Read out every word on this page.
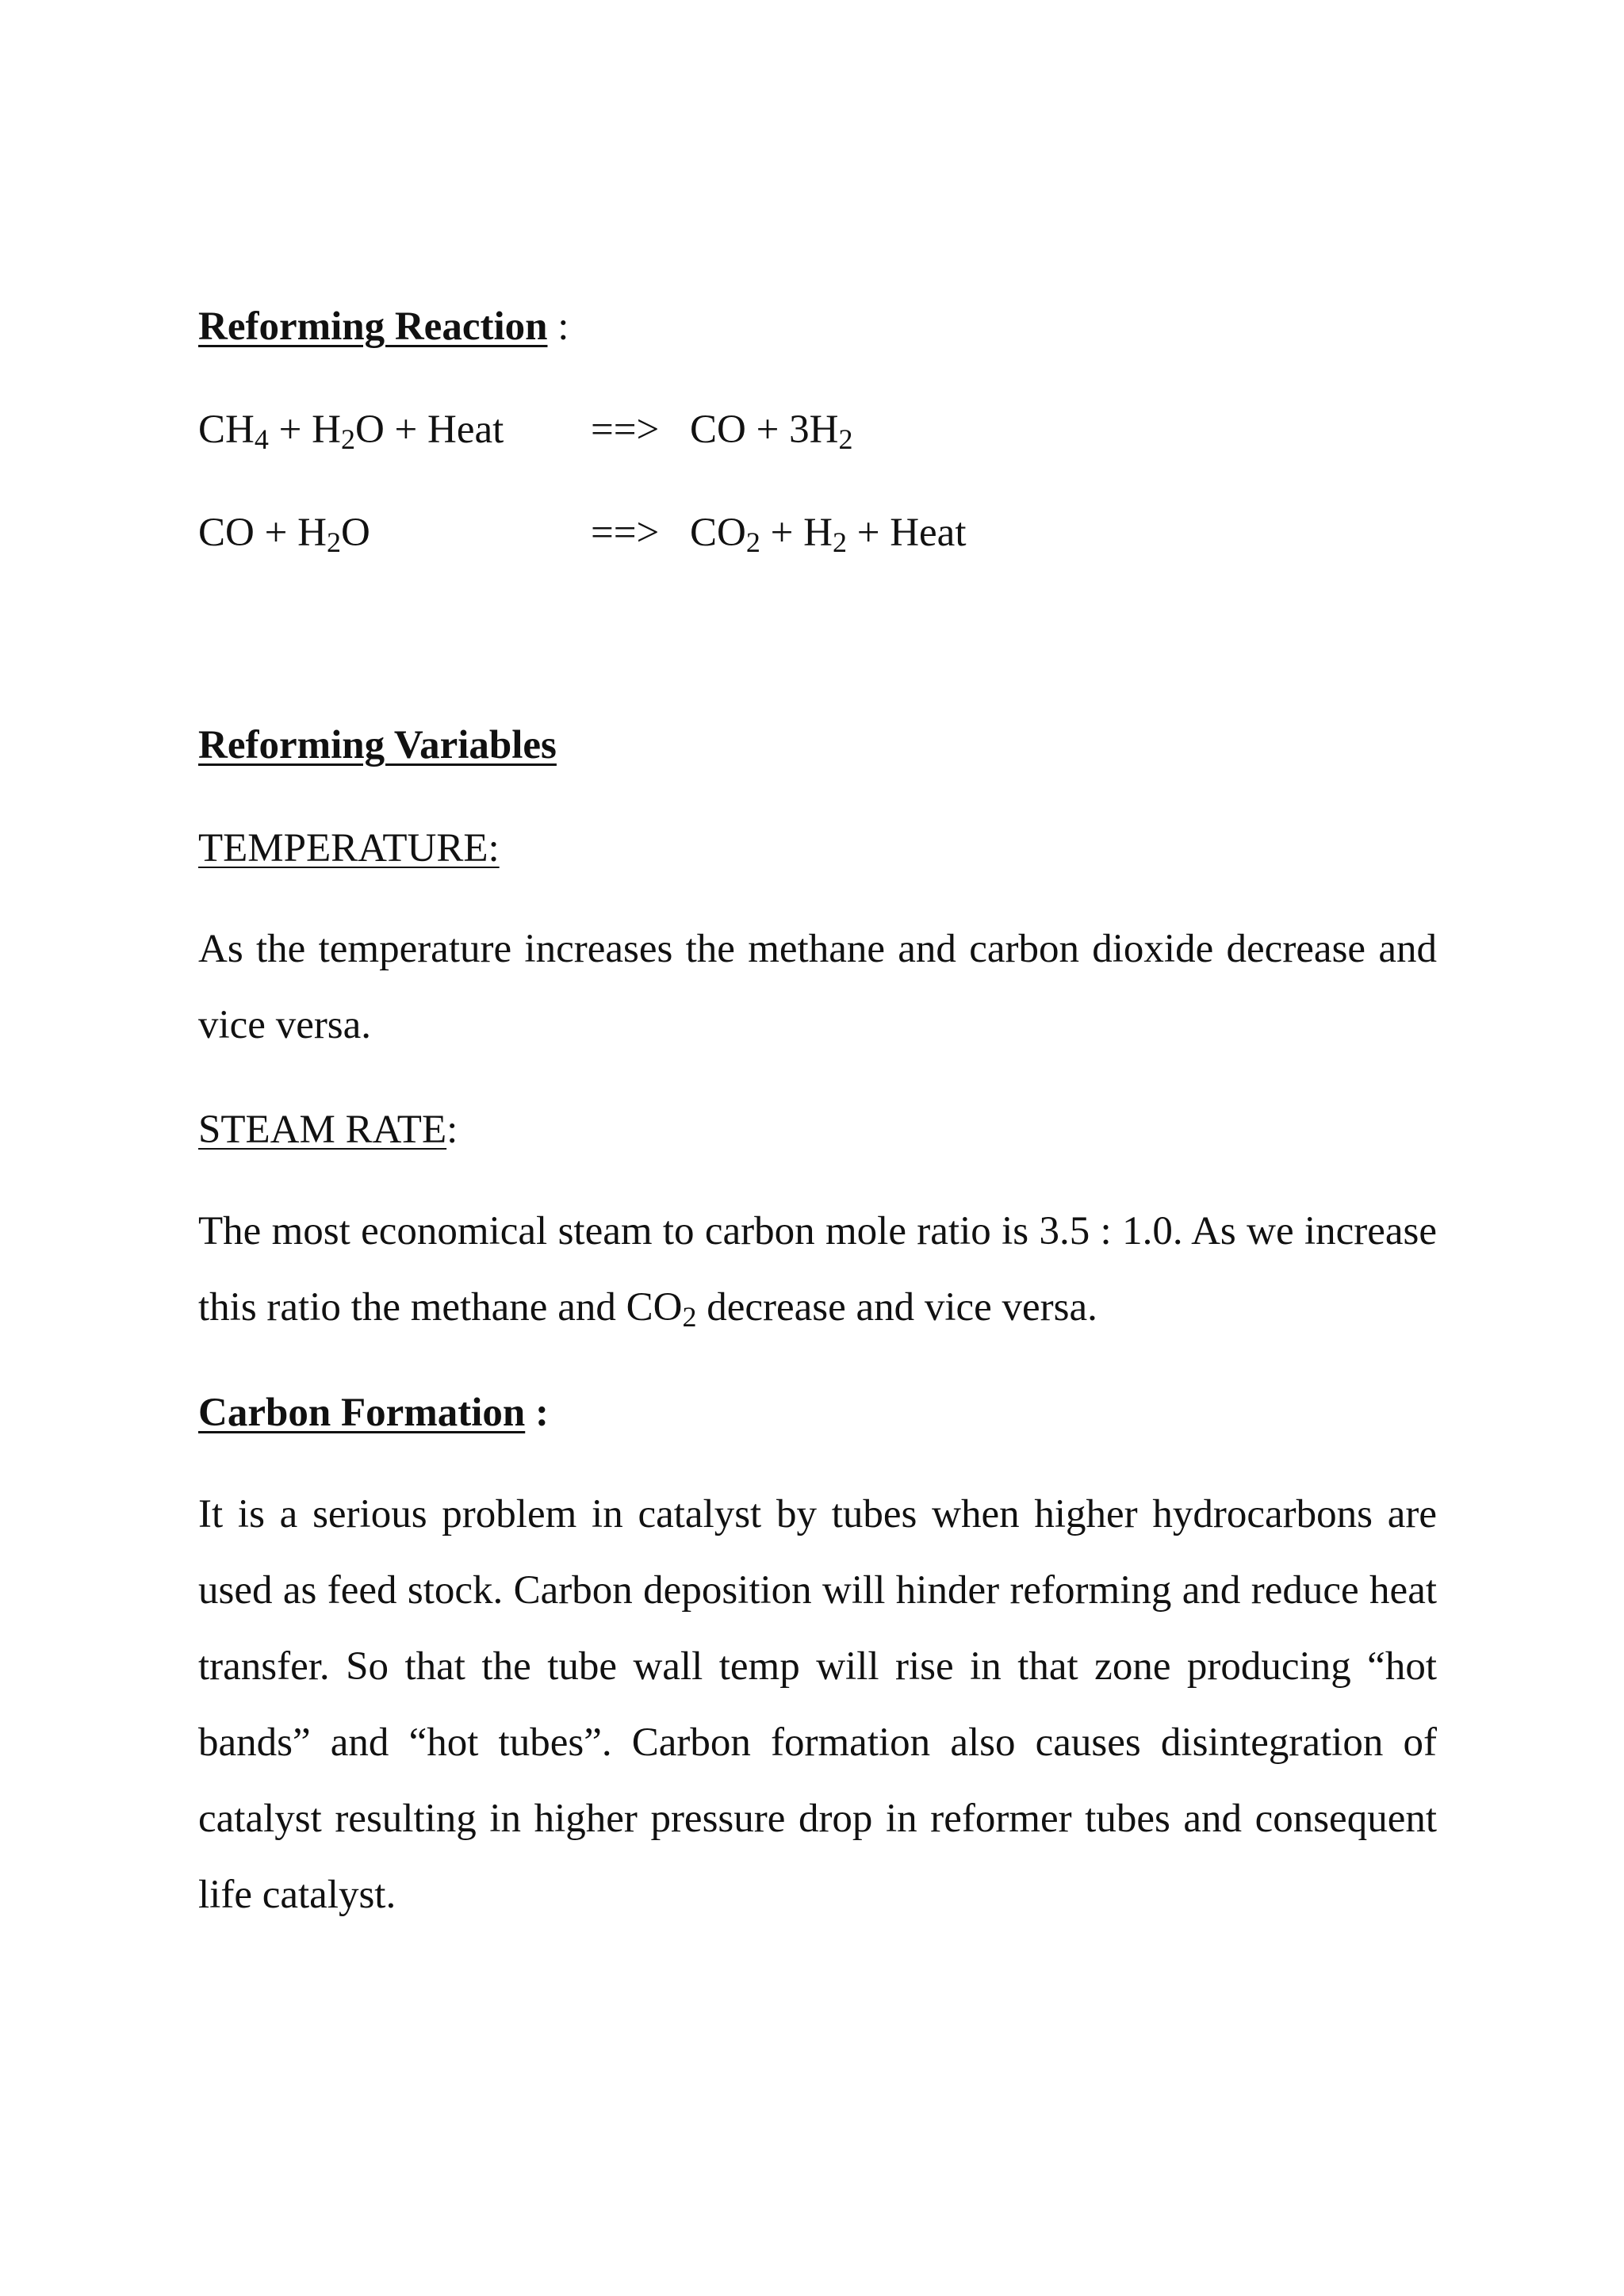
Reforming Reaction :
$CH_4 + H_2O$ + Heat ==> CO + $3H_2$
CO + $H_2O$	==> $CO_2 + H_2$ + Heat
Reforming Variables
TEMPERATURE:

As the temperature increases the methane and carbon dioxide decrease and vice versa.

STEAM RATE:

The most economical steam to carbon mole ratio is 3.5 : 1.0. As we increase this ratio the methane and $CO_2$ decrease and vice versa.

Carbon Formation :

It is a serious problem in catalyst by tubes when higher hydrocarbons are used as feed stock. Carbon deposition will hinder reforming and reduce heat transfer. So that the tube wall temp will rise in that zone producing “hot bands” and “hot tubes”. Carbon formation also causes disintegration of catalyst resulting in higher pressure drop in reformer tubes and consequent life catalyst.
